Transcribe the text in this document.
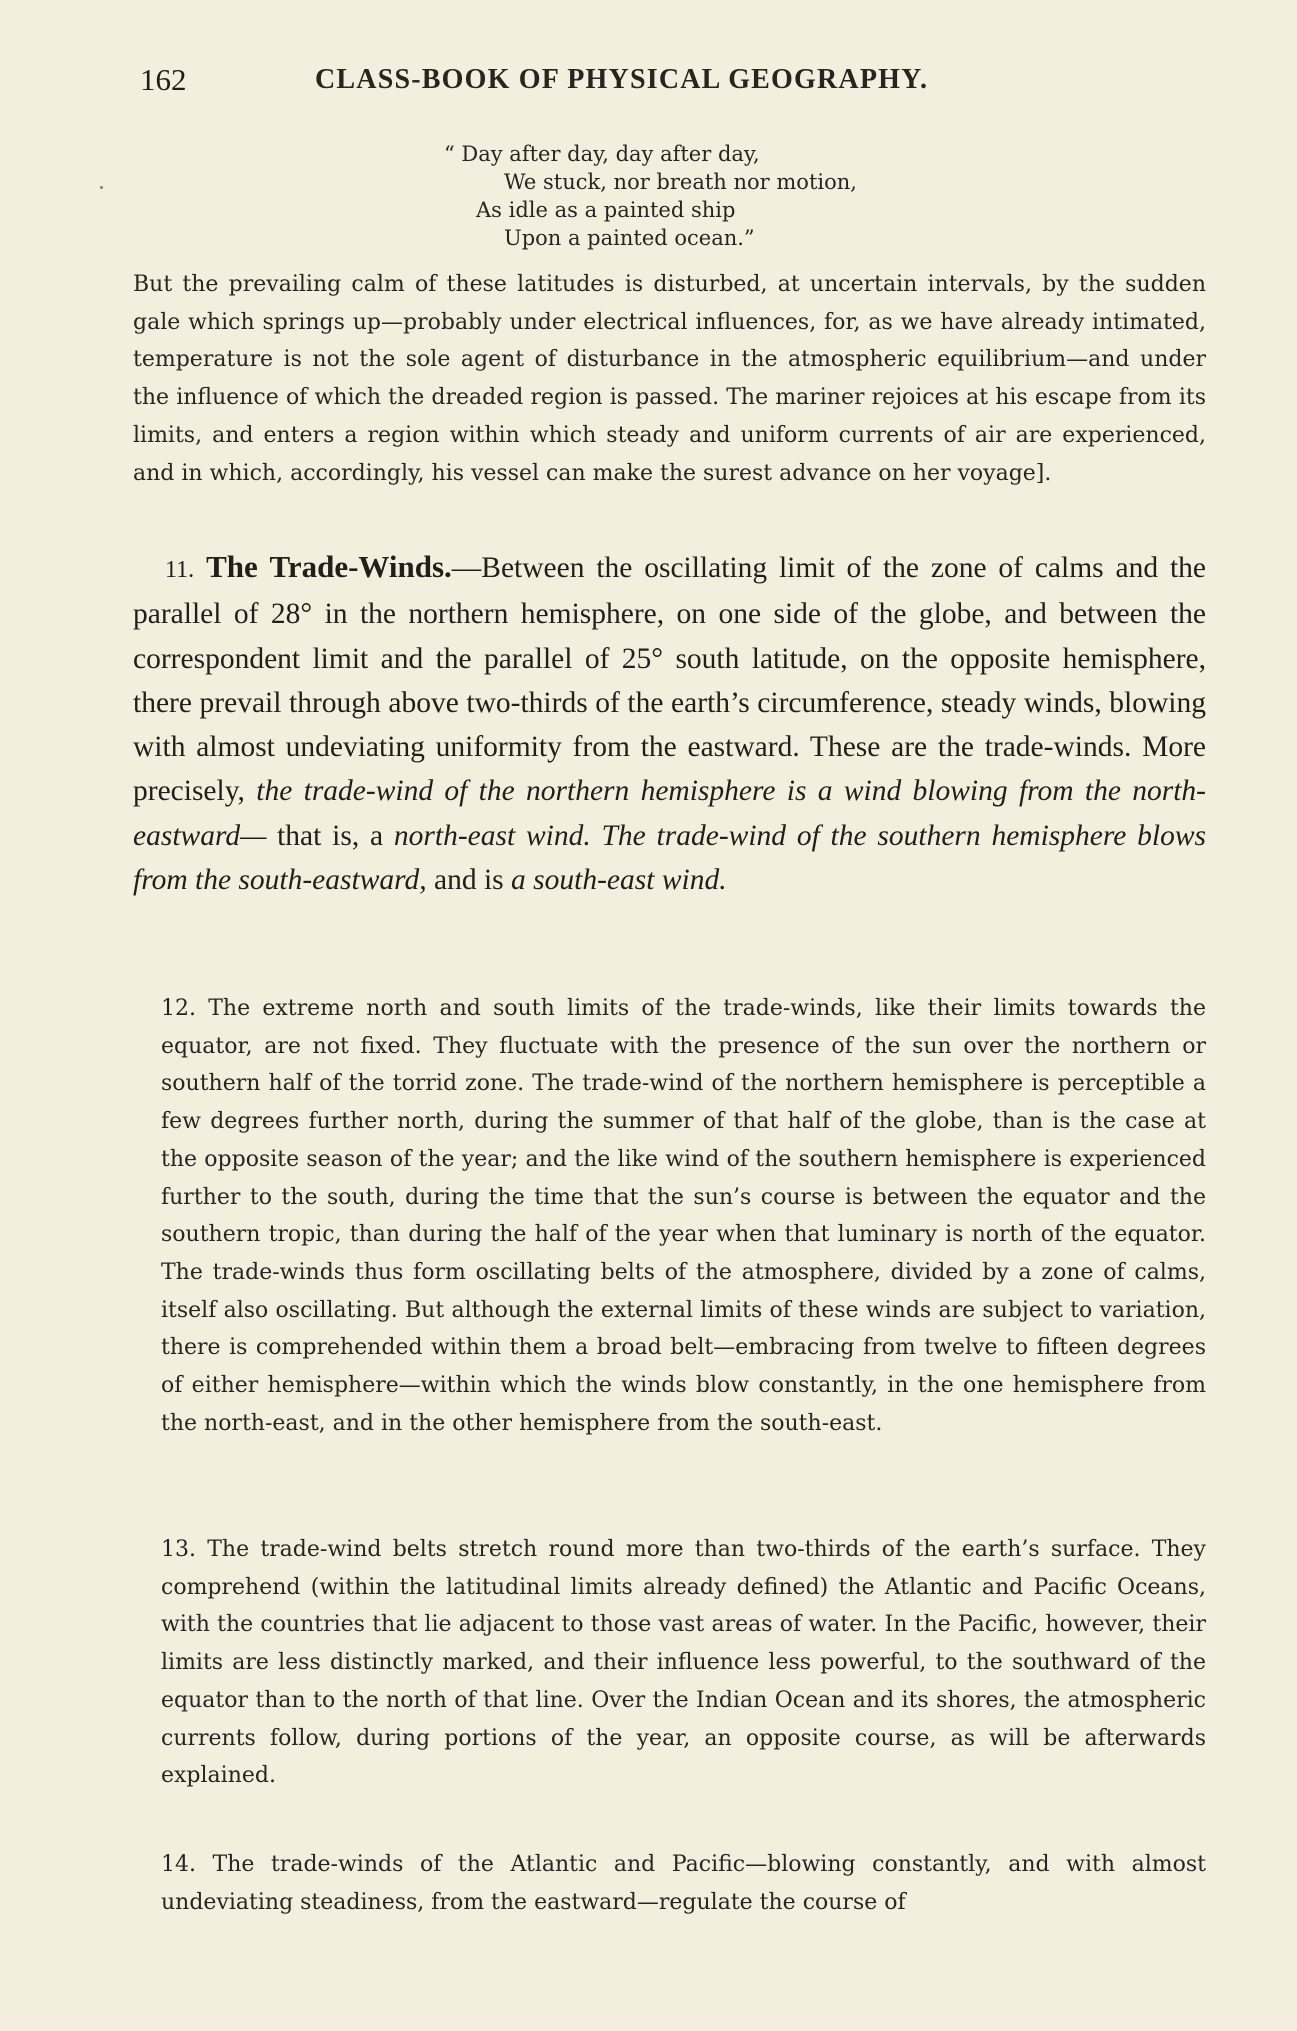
162	CLASS-BOOK OF PHYSICAL GEOGRAPHY.
“ Day after day, day after day,
We stuck, nor breath nor motion,
As idle as a painted ship
Upon a painted ocean.”

But the prevailing calm of these latitudes is disturbed, at uncertain intervals, by the sudden gale which springs up—probably under electrical influences, for, as we have already intimated, temperature is not the sole agent of disturbance in the atmospheric equilibrium—and under the influence of which the dreaded region is passed. The mariner rejoices at his escape from its limits, and enters a region within which steady and uniform currents of air are experienced, and in which, accordingly, his vessel can make the surest advance on her voyage].

11. The Trade-Winds.—Between the oscillating limit of the zone of calms and the parallel of 28° in the northern hemisphere, on one side of the globe, and between the correspondent limit and the parallel of 25° south latitude, on the opposite hemisphere, there prevail through above two-thirds of the earth’s circumference, steady winds, blowing with almost undeviating uniformity from the eastward. These are the trade-winds. More precisely, the trade-wind of the northern hemisphere is a wind blowing from the north-eastward— that is, a north-east wind. The trade-wind of the southern hemisphere blows from the south-eastward, and is a south-east wind.

12. The extreme north and south limits of the trade-winds, like their limits towards the equator, are not fixed. They fluctuate with the presence of the sun over the northern or southern half of the torrid zone. The trade-wind of the northern hemisphere is perceptible a few degrees further north, during the summer of that half of the globe, than is the case at the opposite season of the year; and the like wind of the southern hemisphere is experienced further to the south, during the time that the sun’s course is between the equator and the southern tropic, than during the half of the year when that luminary is north of the equator. The trade-winds thus form oscillating belts of the atmosphere, divided by a zone of calms, itself also oscillating. But although the external limits of these winds are subject to variation, there is comprehended within them a broad belt—embracing from twelve to fifteen degrees of either hemisphere—within which the winds blow constantly, in the one hemisphere from the north-east, and in the other hemisphere from the south-east.

13. The trade-wind belts stretch round more than two-thirds of the earth’s surface. They comprehend (within the latitudinal limits already defined) the Atlantic and Pacific Oceans, with the countries that lie adjacent to those vast areas of water. In the Pacific, however, their limits are less distinctly marked, and their influence less powerful, to the southward of the equator than to the north of that line. Over the Indian Ocean and its shores, the atmospheric currents follow, during portions of the year, an opposite course, as will be afterwards explained.

14. The trade-winds of the Atlantic and Pacific—blowing constantly, and with almost undeviating steadiness, from the eastward—regulate the course of
